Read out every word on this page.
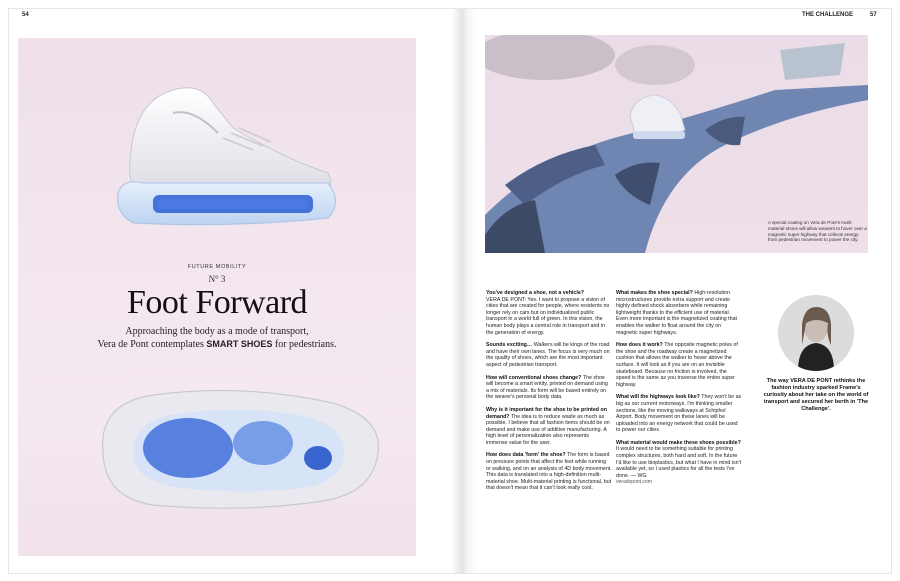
54
FUTURE MOBILITY
N° 3
Foot Forward
Approaching the body as a mode of transport,
Vera de Pont contemplates SMART SHOES for pedestrians.
THE CHALLENGE	57
A special coating on Vera de Pont's multi-material shoes will allow wearers to hover over a magnetic super highway that collects energy from pedestrian movement to power the city.

You've designed a shoe, not a vehicle?
VERA DE PONT: Yes. I want to propose a vision of cities that are created for people, where residents no longer rely on cars but on individualized public transport in a world full of green. In this vision, the human body plays a central role in transport and in the generation of energy.

Sounds exciting… Walkers will be kings of the road and have their own lanes. The focus is very much on the quality of shoes, which are the most important aspect of pedestrian transport.

How will conventional shoes change? The shoe will become a smart entity, printed on demand using a mix of materials. Its form will be based entirely on the wearer's personal body data.

Why is it important for the shoe to be printed on demand? The idea is to reduce waste as much as possible. I believe that all fashion items should be on demand and make use of additive manufacturing. A high level of personalization also represents immense value for the user.

How does data 'form' the shoe? The form is based on pressure points that affect the feet while running or walking, and on an analysis of 4D body movement. This data is translated into a high-definition multi-material shoe. Multi-material printing is functional, but that doesn't mean that it can't look really cool.

What makes the shoe special? High-resolution microstructures provide extra support and create highly defined shock absorbers while remaining lightweight thanks to the efficient use of material. Even more important is the magnetized coating that enables the walker to float around the city on magnetic super highways.

How does it work? The opposite magnetic poles of the shoe and the roadway create a magnetized cushion that allows the walker to hover above the surface. It will look as if you are on an invisible skateboard. Because no friction is involved, the speed is the same as you traverse the entire super highway.

What will the highways look like? They won't be as big as our current motorways. I'm thinking smaller sections, like the moving walkways at Schiphol Airport. Body movement on these lanes will be uploaded into an energy network that could be used to power our cities

What material would make these shoes possible? It would need to be something suitable for printing complex structures, both hard and soft. In the future I'd like to use bioplastics, but what I have in mind isn't available yet, so I used plastics for all the tests I've done. — WG
veradepont.com

The way VERA DE PONT rethinks the fashion industry sparked Frame's curiosity about her take on the world of transport and secured her berth in 'The Challenge'.
